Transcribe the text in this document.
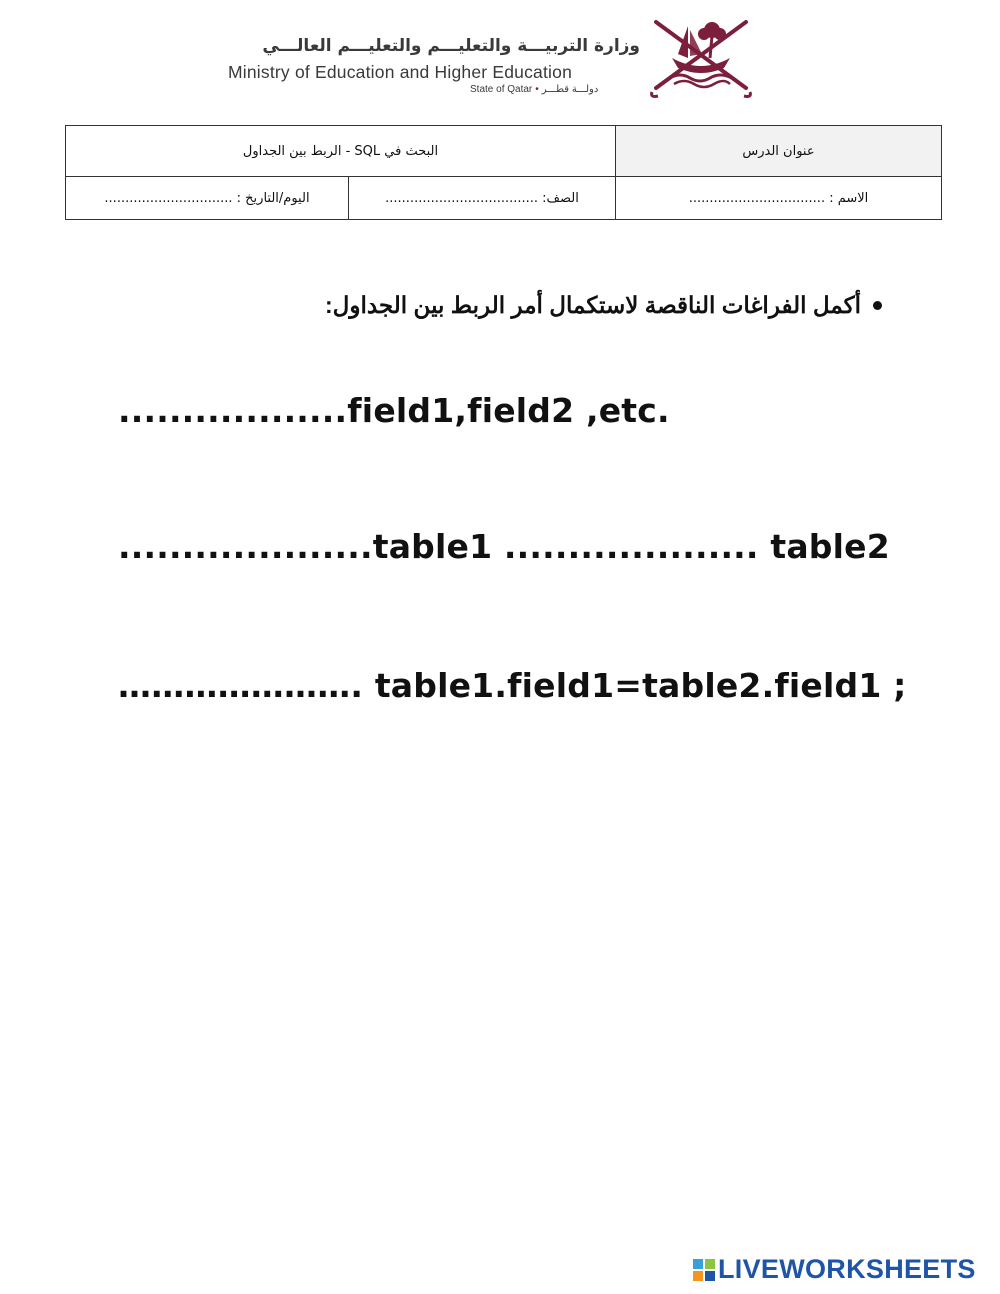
وزارة التربيـــة والتعليـــم والتعليـــم العالـــي
Ministry of Education and Higher Education
State of Qatar • دولـــة قطـــر
عنوان الدرس	البحث في SQL - الربط بين الجداول	
الاسم : .................................	الصف: .....................................	اليوم/التاريخ : ...............................
أكمل الفراغات الناقصة لاستكمال أمر الربط بين الجداول:
..................field1,field2 ,etc.
....................table1 .................... table2
…………………. table1.field1=table2.field1 ;
LIVEWORKSHEETS
